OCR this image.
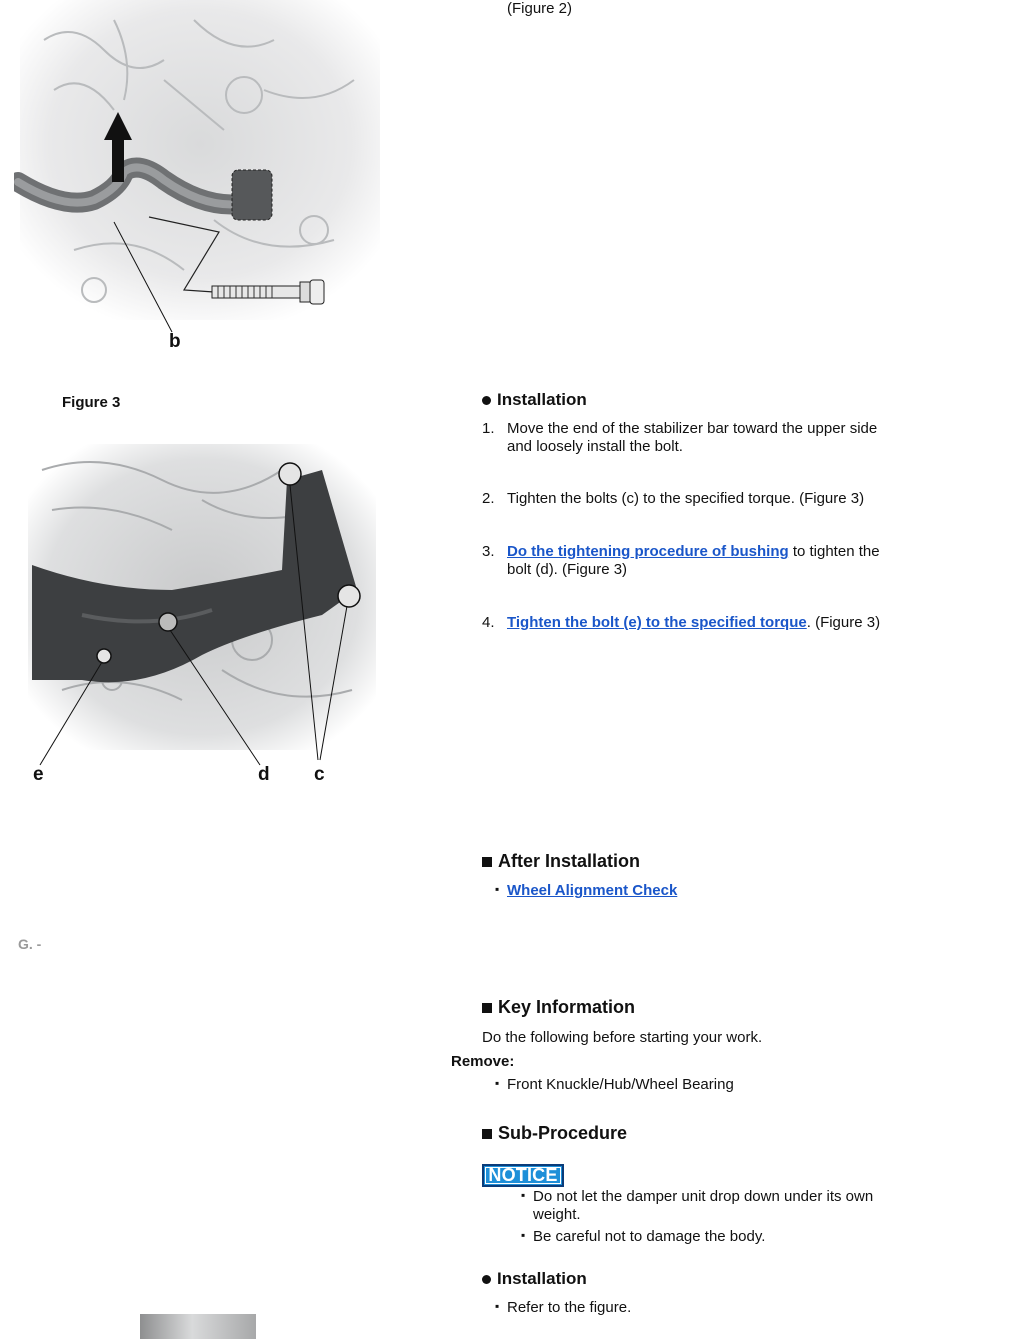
b
(Figure 2)
Figure 3
e	d c
Installation
1. Move the end of the stabilizer bar toward the upper side and loosely install the bolt.
2. Tighten the bolts (c) to the specified torque. (Figure 3)
3. Do the tightening procedure of bushing to tighten the bolt (d). (Figure 3)
4. Tighten the bolt (e) to the specified torque. (Figure 3)
After Installation
▪ Wheel Alignment Check
G. -
Key Information
Do the following before starting your work.
Remove:
▪ Front Knuckle/Hub/Wheel Bearing
Sub-Procedure
NOTICE
▪ Do not let the damper unit drop down under its own weight.
▪ Be careful not to damage the body.
Installation
▪ Refer to the figure.
